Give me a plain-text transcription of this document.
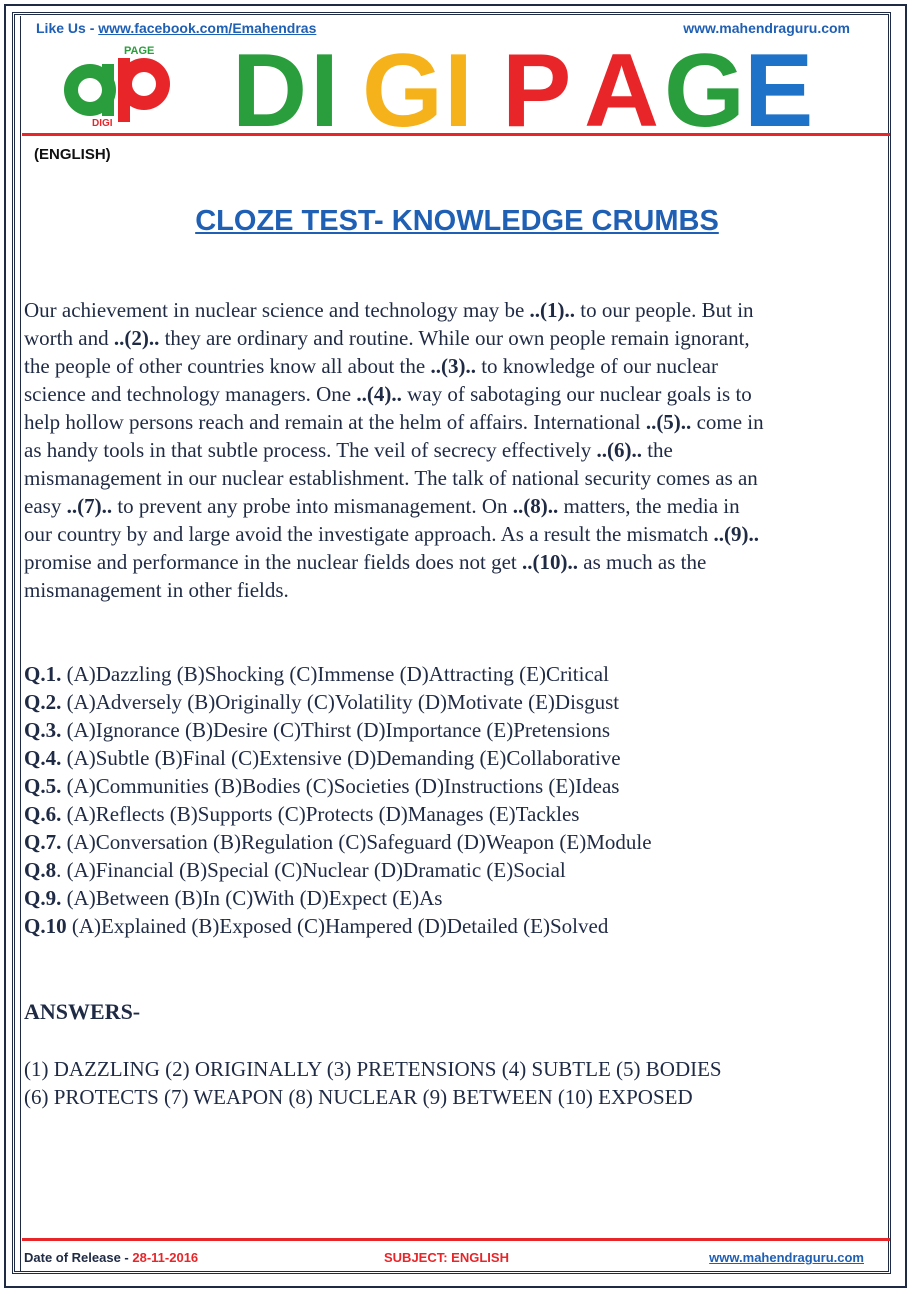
Like Us - www.facebook.com/Emahendras	www.mahendraguru.com
PAGE
DIGI D I G I P A G E
(ENGLISH)
CLOZE TEST- KNOWLEDGE CRUMBS

Our achievement in nuclear science and technology may be ..(1).. to our people. But in

worth and ..(2).. they are ordinary and routine. While our own people remain ignorant,

the people of other countries know all about the ..(3).. to knowledge of our nuclear

science and technology managers. One ..(4).. way of sabotaging our nuclear goals is to

help hollow persons reach and remain at the helm of affairs. International ..(5).. come in

as handy tools in that subtle process. The veil of secrecy effectively ..(6).. the

mismanagement in our nuclear establishment. The talk of national security comes as an

easy ..(7).. to prevent any probe into mismanagement. On ..(8).. matters, the media in

our country by and large avoid the investigate approach. As a result the mismatch ..(9)..

promise and performance in the nuclear fields does not get ..(10).. as much as the

mismanagement in other fields.

Q.1. (A)Dazzling (B)Shocking (C)Immense (D)Attracting (E)Critical
Q.2. (A)Adversely (B)Originally (C)Volatility (D)Motivate (E)Disgust
Q.3. (A)Ignorance (B)Desire (C)Thirst (D)Importance (E)Pretensions
Q.4. (A)Subtle (B)Final (C)Extensive (D)Demanding (E)Collaborative
Q.5. (A)Communities (B)Bodies (C)Societies (D)Instructions (E)Ideas
Q.6. (A)Reflects (B)Supports (C)Protects (D)Manages (E)Tackles
Q.7. (A)Conversation (B)Regulation (C)Safeguard (D)Weapon (E)Module
Q.8. (A)Financial (B)Special (C)Nuclear (D)Dramatic (E)Social
Q.9. (A)Between (B)In (C)With (D)Expect (E)As
Q.10 (A)Explained (B)Exposed (C)Hampered (D)Detailed (E)Solved
ANSWERS-
(1) DAZZLING (2) ORIGINALLY (3) PRETENSIONS (4) SUBTLE (5) BODIES
(6) PROTECTS (7) WEAPON (8) NUCLEAR (9) BETWEEN (10) EXPOSED
Date of Release - 28-11-2016	SUBJECT: ENGLISH	www.mahendraguru.com
